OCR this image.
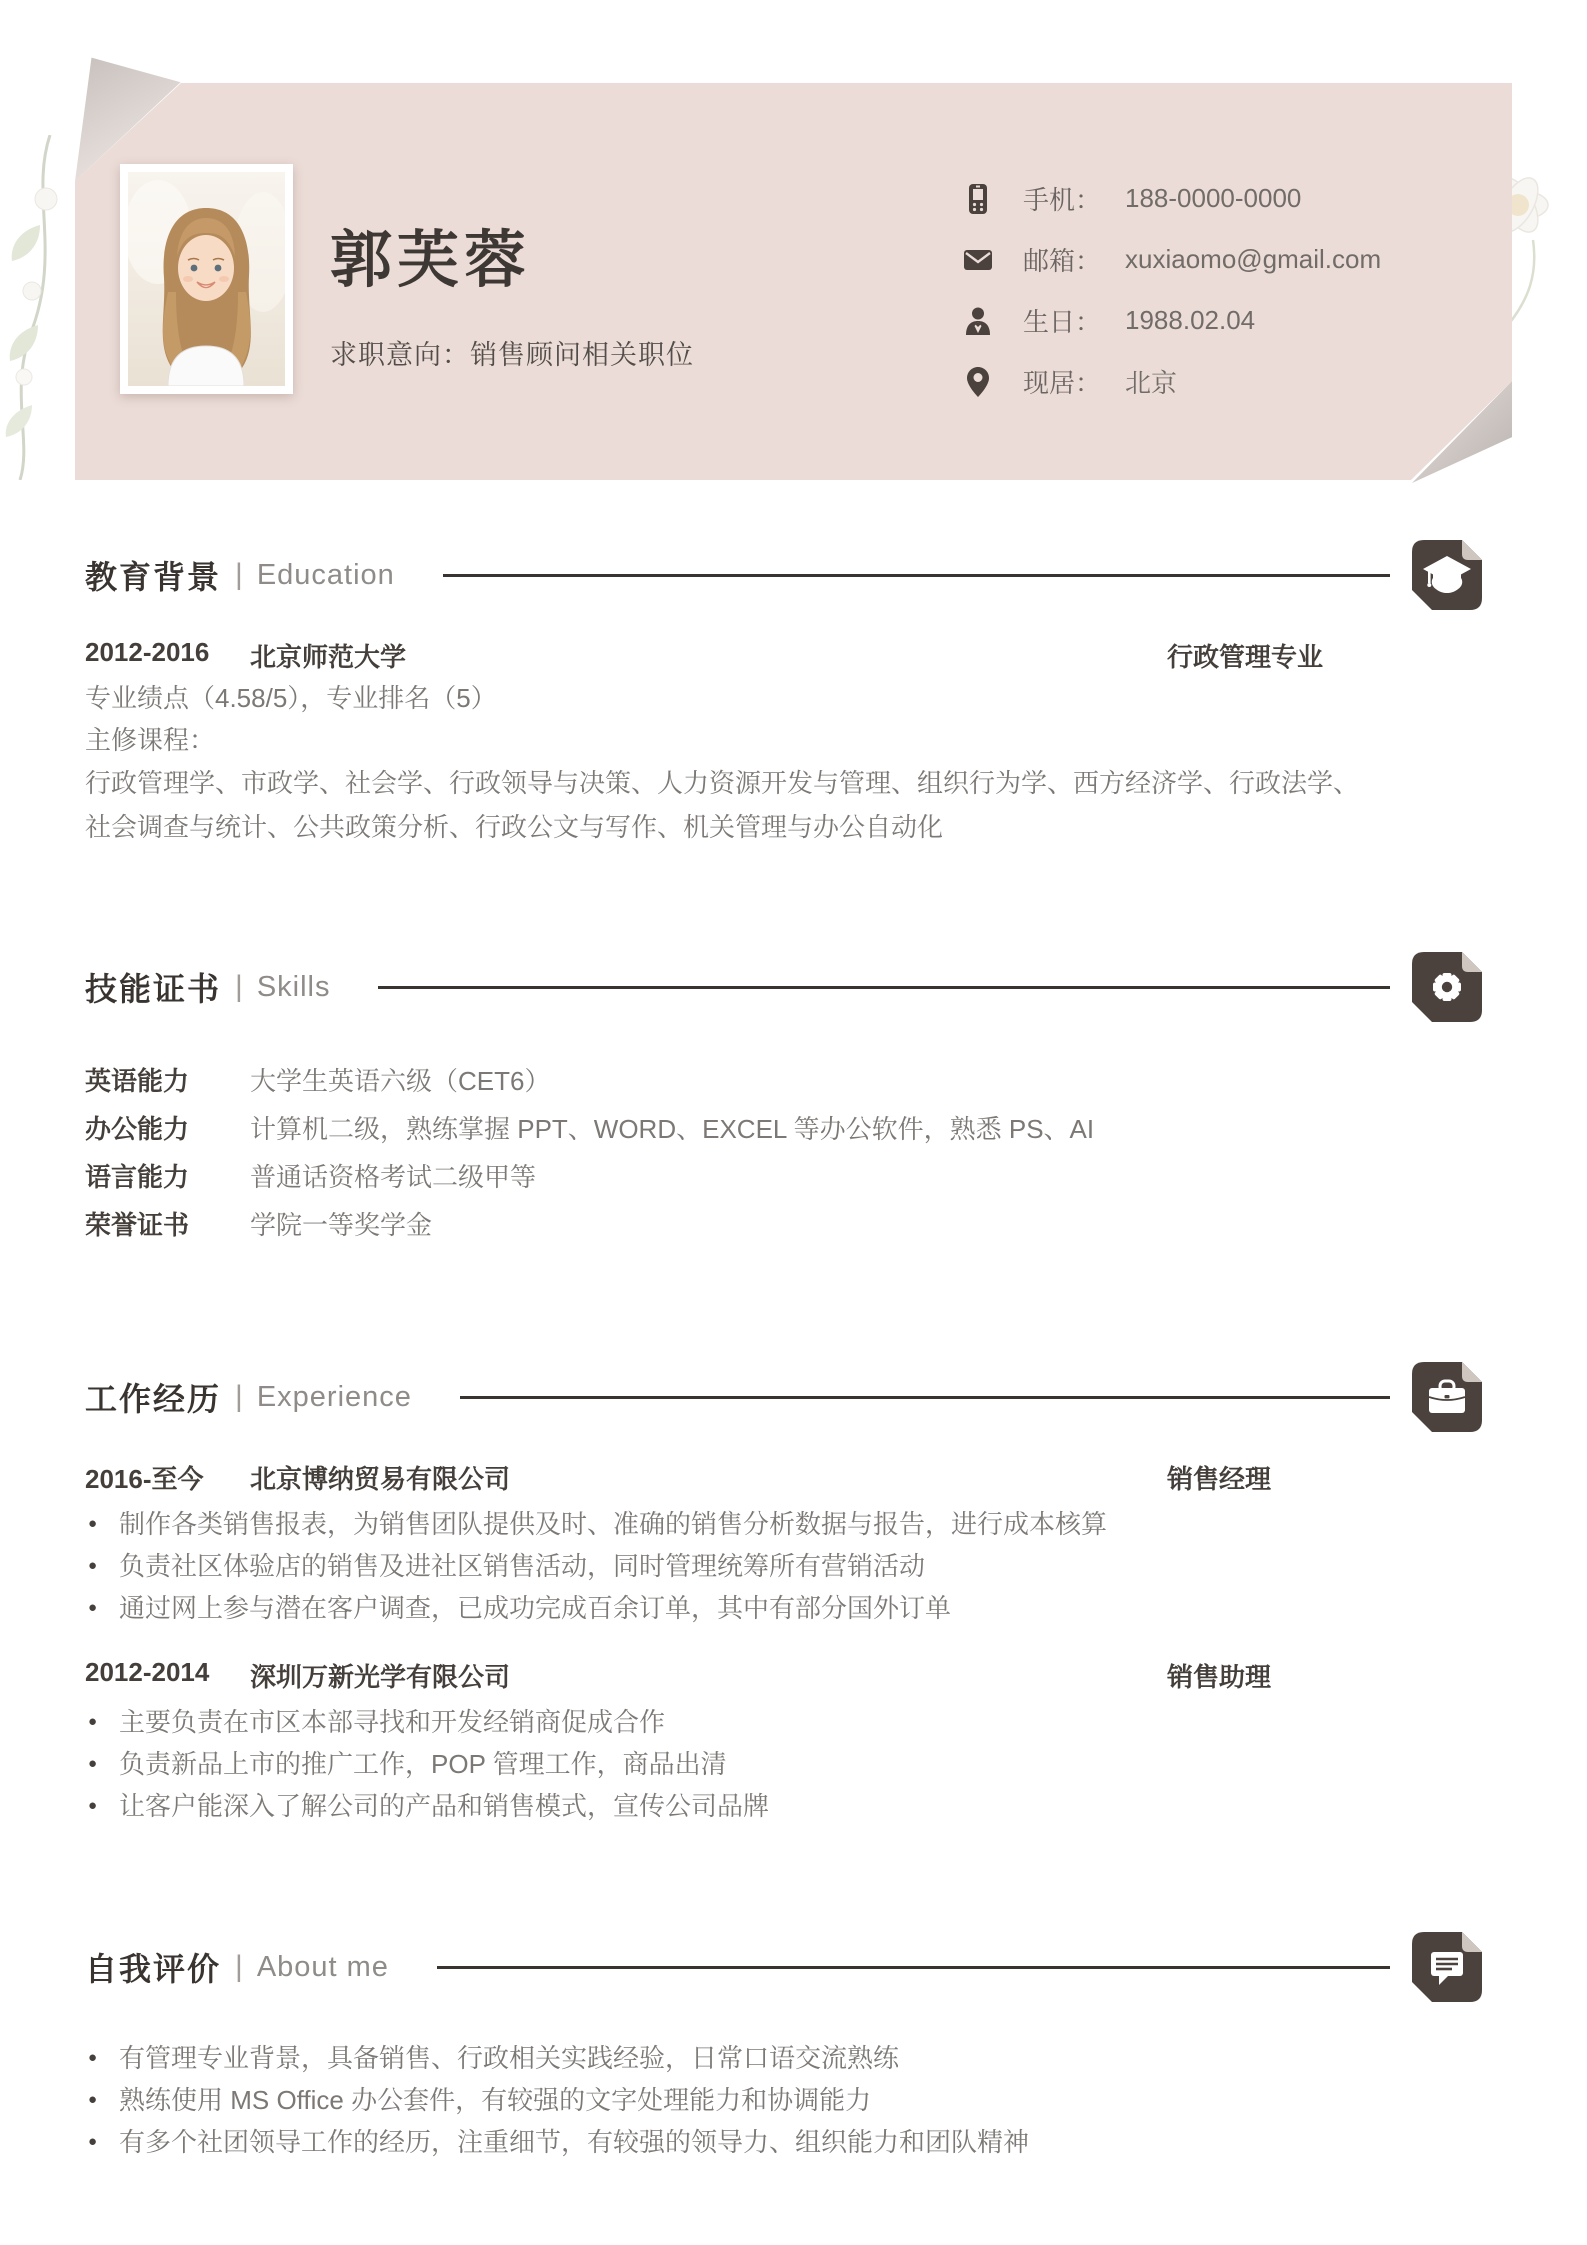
郭芙蓉
求职意向：销售顾问相关职位
手机： 188-0000-0000
邮箱： xuxiaomo@gmail.com
生日： 1988.02.04
现居： 北京
教育背景 | Education
2012-2016 北京师范大学	行政管理专业
专业绩点（4.58/5），专业排名（5）
主修课程：
行政管理学、市政学、社会学、行政领导与决策、人力资源开发与管理、组织行为学、西方经济学、行政法学、社会调查与统计、公共政策分析、行政公文与写作、机关管理与办公自动化
技能证书 | Skills
英语能力	大学生英语六级（CET6）
办公能力	计算机二级，熟练掌握 PPT、WORD、EXCEL 等办公软件，熟悉 PS、AI
语言能力	普通话资格考试二级甲等
荣誉证书	学院一等奖学金
工作经历 | Experience
2016-至今 北京博纳贸易有限公司	销售经理
● 制作各类销售报表，为销售团队提供及时、准确的销售分析数据与报告，进行成本核算
● 负责社区体验店的销售及进社区销售活动，同时管理统筹所有营销活动
● 通过网上参与潜在客户调查，已成功完成百余订单，其中有部分国外订单
2012-2014 深圳万新光学有限公司	销售助理
● 主要负责在市区本部寻找和开发经销商促成合作
● 负责新品上市的推广工作，POP 管理工作，商品出清
● 让客户能深入了解公司的产品和销售模式，宣传公司品牌
自我评价 | About me
● 有管理专业背景，具备销售、行政相关实践经验，日常口语交流熟练
● 熟练使用 MS Office 办公套件，有较强的文字处理能力和协调能力
● 有多个社团领导工作的经历，注重细节，有较强的领导力、组织能力和团队精神
